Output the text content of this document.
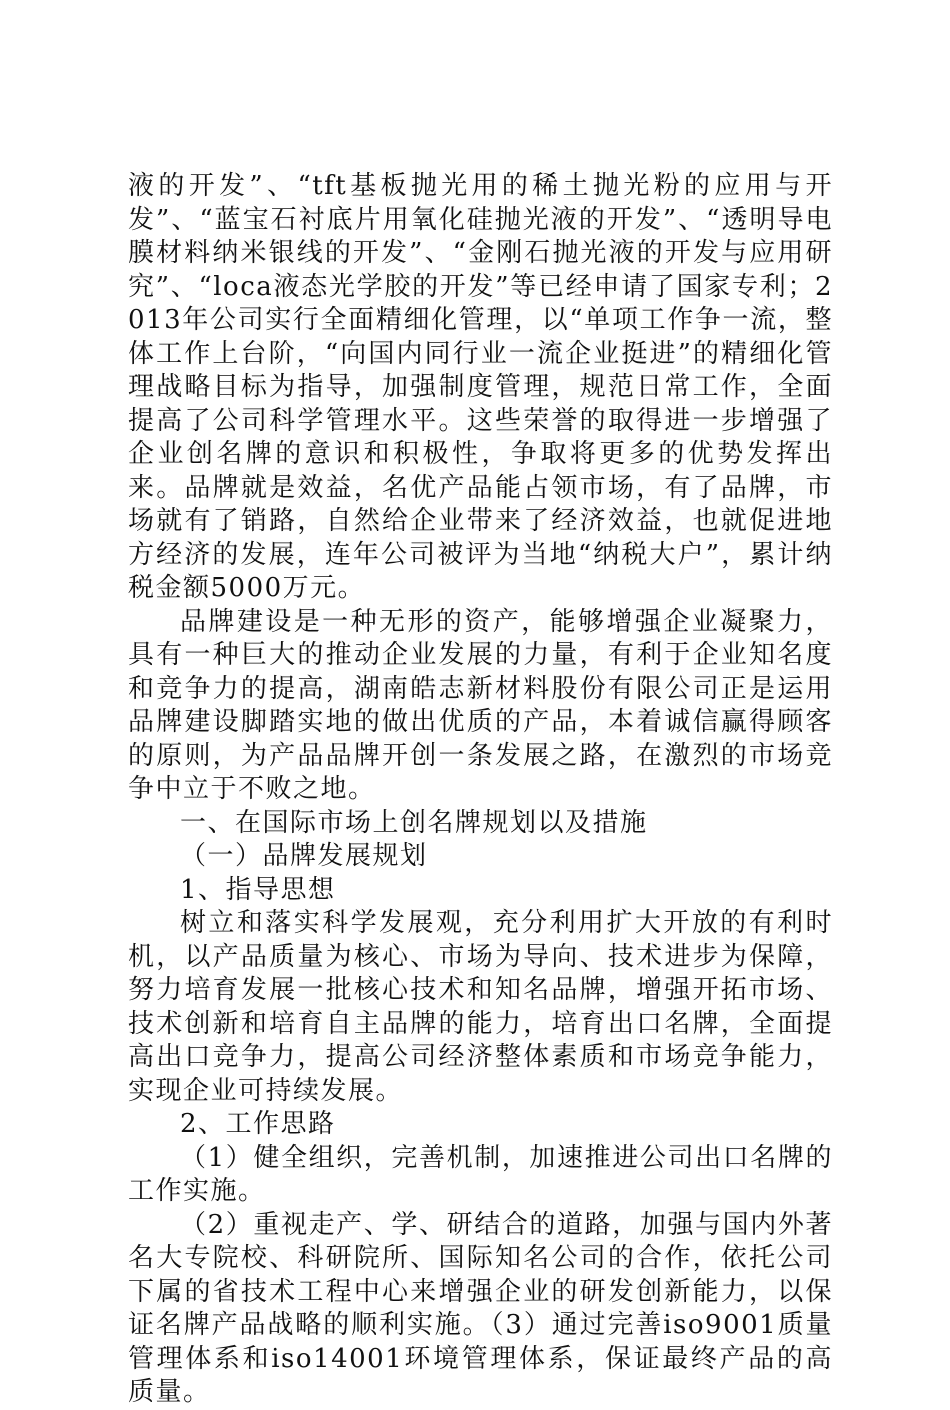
液的开发”、“tft基板抛光用的稀土抛光粉的应用与开发”、“蓝宝石衬底片用氧化硅抛光液的开发”、“透明导电膜材料纳米银线的开发”、“金刚石抛光液的开发与应用研究”、“loca液态光学胶的开发”等已经申请了国家专利；2013年公司实行全面精细化管理，以“单项工作争一流，整体工作上台阶，“向国内同行业一流企业挺进”的精细化管理战略目标为指导，加强制度管理，规范日常工作，全面提高了公司科学管理水平。这些荣誉的取得进一步增强了企业创名牌的意识和积极性，争取将更多的优势发挥出来。品牌就是效益，名优产品能占领市场，有了品牌，市场就有了销路，自然给企业带来了经济效益，也就促进地方经济的发展，连年公司被评为当地“纳税大户”，累计纳税金额5000万元。

品牌建设是一种无形的资产，能够增强企业凝聚力，具有一种巨大的推动企业发展的力量，有利于企业知名度和竞争力的提高，湖南皓志新材料股份有限公司正是运用品牌建设脚踏实地的做出优质的产品，本着诚信赢得顾客的原则，为产品品牌开创一条发展之路，在激烈的市场竞争中立于不败之地。

一、在国际市场上创名牌规划以及措施

（一）品牌发展规划

1、指导思想

树立和落实科学发展观，充分利用扩大开放的有利时机，以产品质量为核心、市场为导向、技术进步为保障，努力培育发展一批核心技术和知名品牌，增强开拓市场、技术创新和培育自主品牌的能力，培育出口名牌，全面提高出口竞争力，提高公司经济整体素质和市场竞争能力，实现企业可持续发展。

2、工作思路

（1）健全组织，完善机制，加速推进公司出口名牌的工作实施。

（2）重视走产、学、研结合的道路，加强与国内外著名大专院校、科研院所、国际知名公司的合作，依托公司下属的省技术工程中心来增强企业的研发创新能力，以保证名牌产品战略的顺利实施。（3）通过完善iso9001质量管理体系和iso14001环境管理体系，保证最终产品的高质量。
